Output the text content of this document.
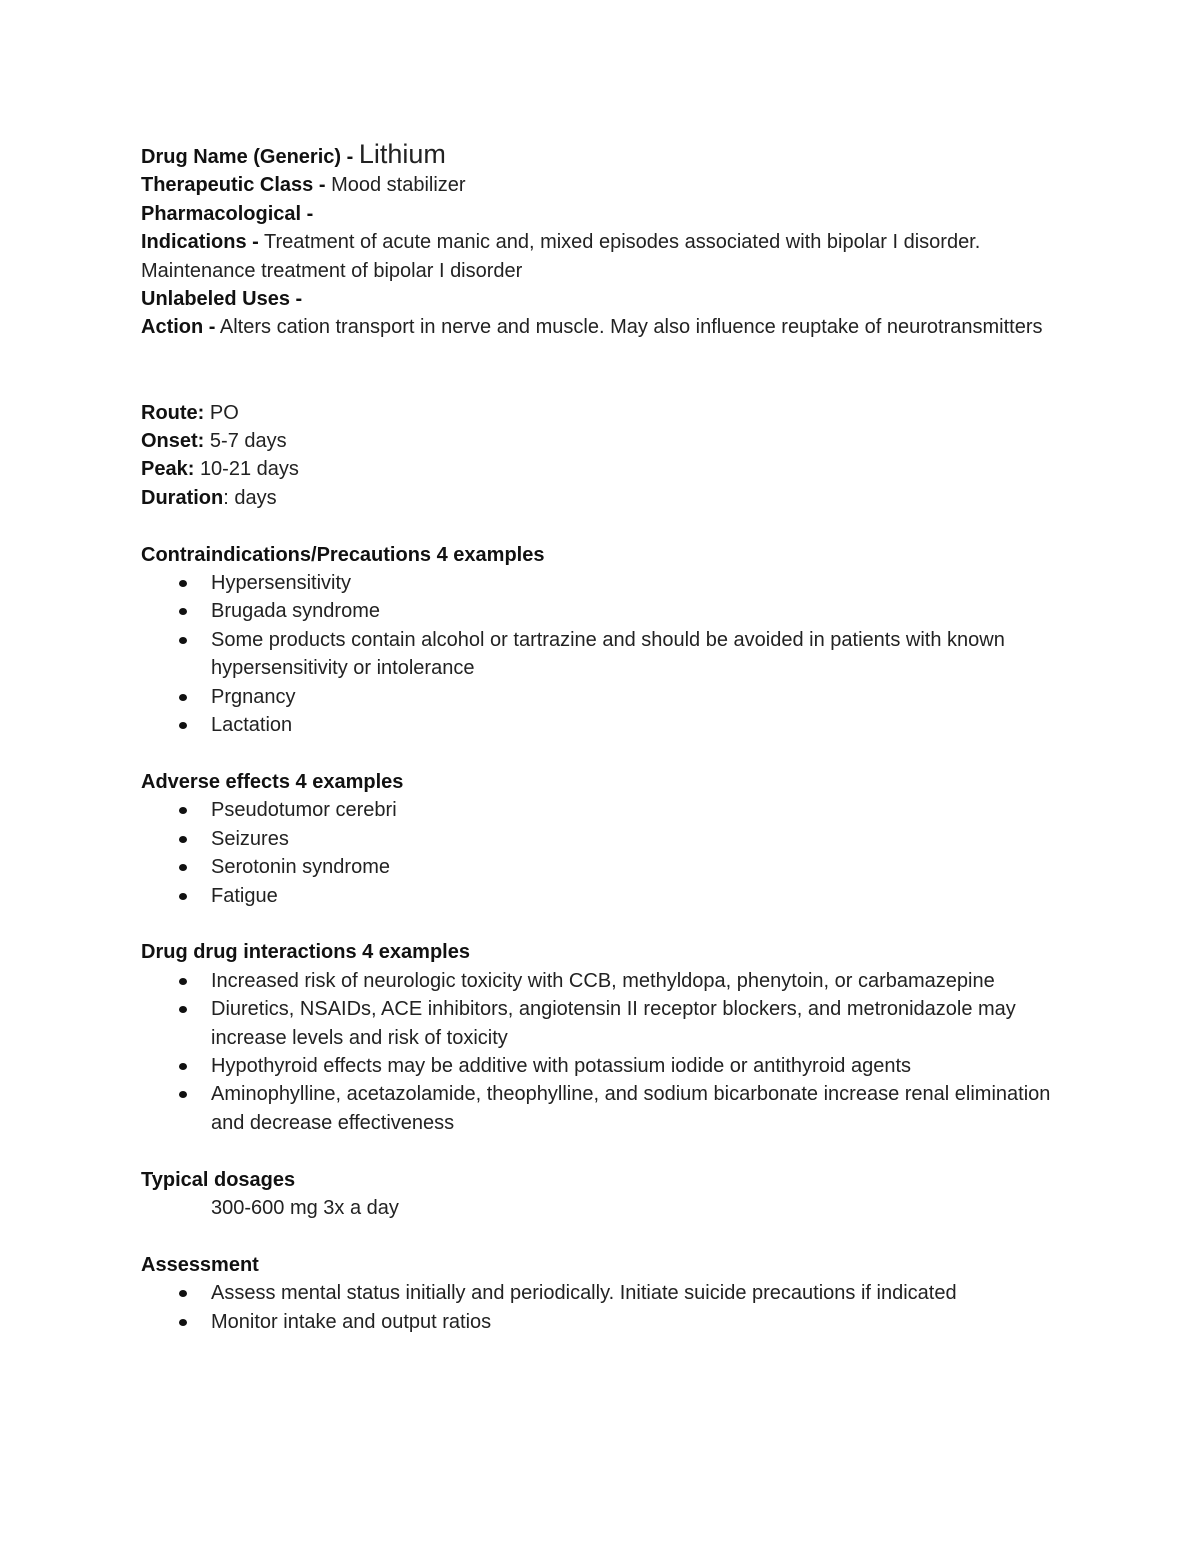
Drug Name (Generic) - Lithium

Therapeutic Class - Mood stabilizer

Pharmacological -

Indications - Treatment of acute manic and, mixed episodes associated with bipolar I disorder. Maintenance treatment of bipolar I disorder

Unlabeled Uses -

Action - Alters cation transport in nerve and muscle. May also influence reuptake of neurotransmitters

Route: PO

Onset: 5-7 days

Peak: 10-21 days

Duration: days

Contraindications/Precautions 4 examples

Hypersensitivity
Brugada syndrome
Some products contain alcohol or tartrazine and should be avoided in patients with known hypersensitivity or intolerance
Prgnancy
Lactation

Adverse effects 4 examples

Pseudotumor cerebri
Seizures
Serotonin syndrome
Fatigue

Drug drug interactions 4 examples

Increased risk of neurologic toxicity with CCB, methyldopa, phenytoin, or carbamazepine
Diuretics, NSAIDs, ACE inhibitors, angiotensin II receptor blockers, and metronidazole may increase levels and risk of toxicity
Hypothyroid effects may be additive with potassium iodide or antithyroid agents
Aminophylline, acetazolamide, theophylline, and sodium bicarbonate increase renal elimination and decrease effectiveness

Typical dosages

300-600 mg 3x a day

Assessment

Assess mental status initially and periodically. Initiate suicide precautions if indicated
Monitor intake and output ratios
